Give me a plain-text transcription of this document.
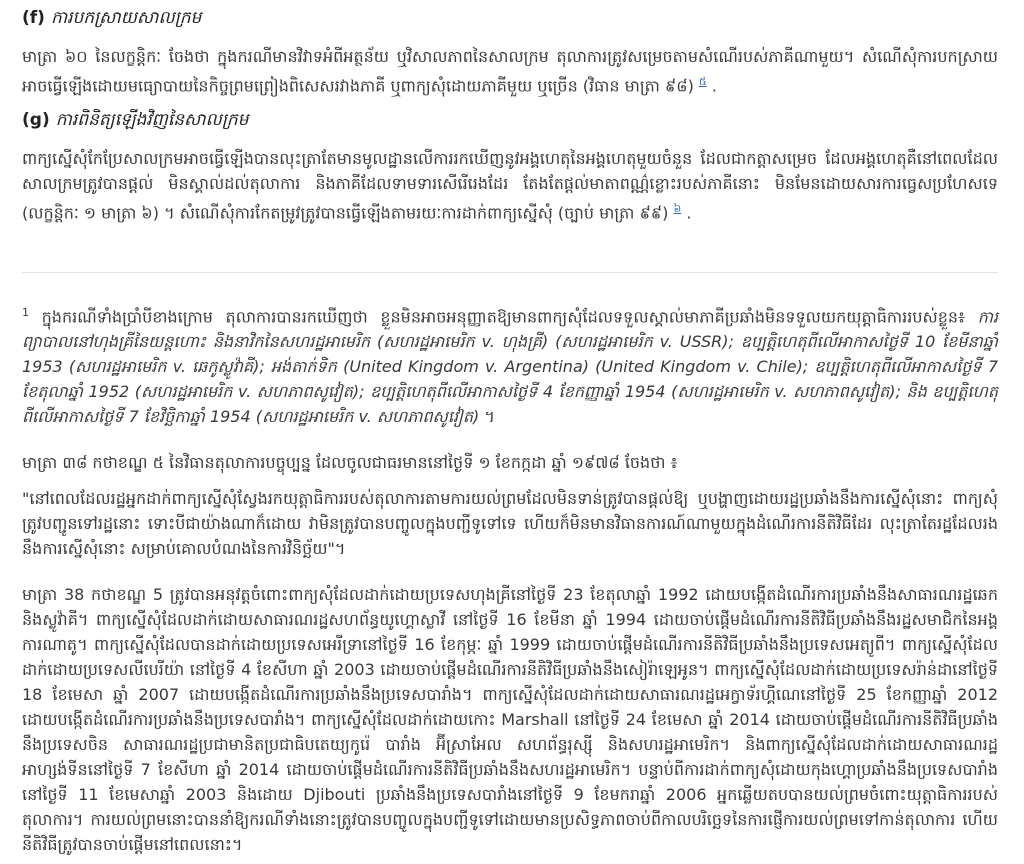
(f) ការបកស្រាយសាលក្រម

មាត្រា ៦០ នៃលក្ខន្តិកៈ ចែងថា ក្នុងករណីមានវិវាទអំពីអត្ថន័យ ឬវិសាលភាពនៃសាលក្រម តុលាការត្រូវសម្រេចតាមសំណើរបស់ភាគីណាមួយ។ សំណើសុំការបកស្រាយអាចធ្វើឡើងដោយមធ្យោបាយនៃកិច្ចព្រមព្រៀងពិសេសរវាងភាគី ឬពាក្យសុំដោយភាគីមួយ ឬច្រើន (វិធាន មាត្រា ៩៨) $^៥$ .

(g) ការពិនិត្យឡើងវិញនៃសាលក្រម

ពាក្យស្នើសុំកែប្រែសាលក្រមអាចធ្វើឡើងបានលុះត្រាតែមានមូលដ្ឋានលើការរកឃើញនូវអង្គហេតុនៃអង្គហេតុមួយចំនួន ដែលជាកត្តាសម្រេច ដែលអង្គហេតុគឺនៅពេលដែលសាលក្រមត្រូវបានផ្តល់ មិនស្គាល់ដល់តុលាការ និងភាគីដែលទាមទារសើរើរេងដែរ តែងតែផ្តល់មាតាពណ្ណ៌ខ្លោះរបស់ភាគីនោះ មិនមែនដោយសារការធ្វេសប្រហែសទេ (លក្ខន្តិកៈ ១ មាត្រា ៦) ។ សំណើសុំការកែតម្រូវត្រូវបានធ្វើឡើងតាមរយៈការដាក់ពាក្យស្នើសុំ (ច្បាប់ មាត្រា ៩៩) $^៦$ .

$^1$ ក្នុងករណីទាំងប្រាំបីខាងក្រោម តុលាការបានរកឃើញថា ខ្លួនមិនអាចអនុញ្ញាតឱ្យមានពាក្យសុំដែលទទួលស្គាល់មាភាគីប្រឆាំងមិនទទួលយកយុត្តាធិការរបស់ខ្លួន៖ ការព្យាបាលនៅហុងគ្រីនៃយន្តហោះ និងនាវិកនៃសហរដ្ឋអាមេរិក (សហរដ្ឋអាមេរិក v. ហុងគ្រី) (សហរដ្ឋអាមេរិក v. USSR); ឧប្បត្តិហេតុពីលើអាកាសថ្ងៃទី 10 ខែមីនាឆ្នាំ 1953 (សហរដ្ឋអាមេរិក v. ឆេកូស្លូវ៉ាគី); អង់តាក់ទិក (United Kingdom v. Argentina) (United Kingdom v. Chile); ឧប្បត្តិហេតុពីលើអាកាសថ្ងៃទី 7 ខែតុលាឆ្នាំ 1952 (សហរដ្ឋអាមេរិក v. សហភាពសូវៀត); ឧប្បត្តិហេតុពីលើអាកាសថ្ងៃទី 4 ខែកញ្ញាឆ្នាំ 1954 (សហរដ្ឋអាមេរិក v. សហភាពសូវៀត); និង ឧប្បត្តិហេតុពីលើអាកាសថ្ងៃទី 7 ខែវិច្ឆិកាឆ្នាំ 1954 (សហរដ្ឋអាមេរិក v. សហភាពសូវៀត) ។

មាត្រា ៣៨ កថាខណ្ឌ ៥ នៃវិធានតុលាការបច្ចុប្បន្ន ដែលចូលជាធរមាននៅថ្ងៃទី ១ ខែកក្កដា ឆ្នាំ ១៩៧៨ ចែងថា ៖

"នៅពេលដែលរដ្ឋអ្នកដាក់ពាក្យស្នើសុំស្វែងរកយុត្តាធិការរបស់តុលាការតាមការយល់ព្រមដែលមិនទាន់ត្រូវបានផ្តល់ឱ្យ ឬបង្ហាញដោយរដ្ឋប្រឆាំងនឹងការស្នើសុំនោះ ពាក្យសុំត្រូវបញ្ជូនទៅរដ្ឋនោះ ទោះបីជាយ៉ាងណាក៏ដោយ វាមិនត្រូវបានបញ្ចូលក្នុងបញ្ជីទូទៅទេ ហើយក៏មិនមានវិធានការណ៍ណាមួយក្នុងដំណើរការនីតិវិធីដែរ លុះត្រាតែរដ្ឋដែលរងនឹងការស្នើសុំនោះ សម្រាប់គោលបំណងនៃការវិនិច្ឆ័យ"។

មាត្រា 38 កថាខណ្ឌ 5 ត្រូវបានអនុវត្តចំពោះពាក្យសុំដែលដាក់ដោយប្រទេសហុងគ្រីនៅថ្ងៃទី 23 ខែតុលាឆ្នាំ 1992 ដោយបង្កើតដំណើរការប្រឆាំងនឹងសាធារណរដ្ឋឆេក និងស្លូវ៉ាគី។ ពាក្យស្នើសុំដែលដាក់ដោយសាធារណរដ្ឋសហព័ន្ធយូហ្គោស្លាវី នៅថ្ងៃទី 16 ខែមីនា ឆ្នាំ 1994 ដោយចាប់ផ្តើមដំណើរការនីតិវិធីប្រឆាំងនឹងរដ្ឋសមាជិកនៃអង្គការណាតូ។ ពាក្យស្នើសុំដែលបានដាក់ដោយប្រទេសអេរីទ្រានៅថ្ងៃទី 16 ខែកុម្ភៈ ឆ្នាំ 1999 ដោយចាប់ផ្តើមដំណើរការនីតិវិធីប្រឆាំងនឹងប្រទេសអេត្យូពី។ ពាក្យស្នើសុំដែលដាក់ដោយប្រទេសលីបេរីយ៉ា នៅថ្ងៃទី 4 ខែសីហា ឆ្នាំ 2003 ដោយចាប់ផ្តើមដំណើរការនីតិវិធីប្រឆាំងនឹងសៀរ៉ាឡេអូន។ ពាក្យស្នើសុំដែលដាក់ដោយប្រទេសរ៉ាន់ដានៅថ្ងៃទី 18 ខែមេសា ឆ្នាំ 2007 ដោយបង្កើតដំណើរការប្រឆាំងនឹងប្រទេសបារាំង។ ពាក្យស្នើសុំដែលដាក់ដោយសាធារណរដ្ឋអេក្វាទ័រហ្គីណេនៅថ្ងៃទី 25 ខែកញ្ញាឆ្នាំ 2012 ដោយបង្កើតដំណើរការប្រឆាំងនឹងប្រទេសបារាំង។ ពាក្យស្នើសុំដែលដាក់ដោយកោះ Marshall នៅថ្ងៃទី 24 ខែមេសា ឆ្នាំ 2014 ដោយចាប់ផ្តើមដំណើរការនីតិវិធីប្រឆាំងនឹងប្រទេសចិន សាធារណរដ្ឋប្រជាមានិតប្រជាធិបតេយ្យកូរ៉េ បារាំង អ៊ីស្រាអែល សហព័ន្ធរុស្ស៊ី និងសហរដ្ឋអាមេរិក។ និងពាក្យស្នើសុំដែលដាក់ដោយសាធារណរដ្ឋអាហ្សង់ទីននៅថ្ងៃទី 7 ខែសីហា ឆ្នាំ 2014 ដោយចាប់ផ្តើមដំណើរការនីតិវិធីប្រឆាំងនឹងសហរដ្ឋអាមេរិក។ បន្ទាប់ពីការដាក់ពាក្យសុំដោយកុងហ្គោប្រឆាំងនឹងប្រទេសបារាំងនៅថ្ងៃទី 11 ខែមេសាឆ្នាំ 2003 និងដោយ Djibouti ប្រឆាំងនឹងប្រទេសបារាំងនៅថ្ងៃទី 9 ខែមករាឆ្នាំ 2006 អ្នកឆ្លើយតបបានយល់ព្រមចំពោះយុត្តាធិការរបស់តុលាការ។ ការយល់ព្រមនោះបាននាំឱ្យករណីទាំងនោះត្រូវបានបញ្ចូលក្នុងបញ្ជីទូទៅដោយមានប្រសិទ្ធភាពចាប់ពីកាលបរិច្ឆេទនៃការផ្ញើការយល់ព្រមទៅកាន់តុលាការ ហើយនីតិវិធីត្រូវបានចាប់ផ្តើមនៅពេលនោះ។
